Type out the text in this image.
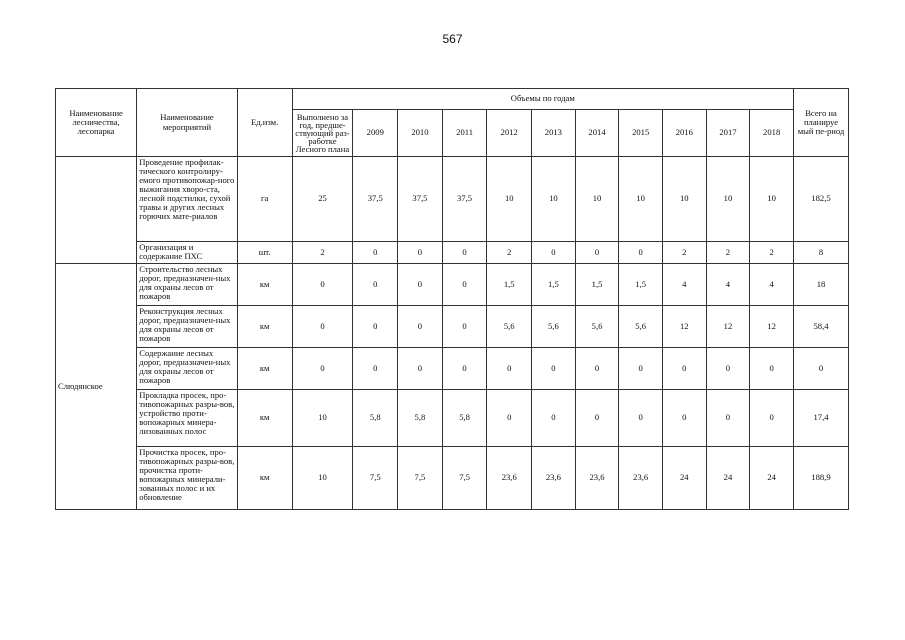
567
Наименование лесничества, лесопарка	Наименование мероприятий	Ед.изм.	Объемы по годам											Всего на планируе мый пе-риод
			Выполнено за год, предше-ствующий раз-работке Лесного плана	2009	2010	2011	2012	2013	2014	2015	2016	2017	2018	
	Проведение профилак-тического контролиру-емого противопожар-ного выжигания хворо-ста, лесной подстилки, сухой травы и других лесных горючих мате-риалов	га	25	37,5	37,5	37,5	10	10	10	10	10	10	10	182,5
	Организация и содержание ПХС	шт.	2	0	0	0	2	0	0	0	2	2	2	8
Слюдянское	Строительство лесных дорог, предназначен-ных для охраны лесов от пожаров	км	0	0	0	0	1,5	1,5	1,5	1,5	4	4	4	18
	Реконструкция лесных дорог, предназначен-ных для охраны лесов от пожаров	км	0	0	0	0	5,6	5,6	5,6	5,6	12	12	12	58,4
	Содержание лесных дорог, предназначен-ных для охраны лесов от пожаров	км	0	0	0	0	0	0	0	0	0	0	0	0
	Прокладка просек, про-тивопожарных разры-вов, устройство проти-вопожарных минера-лизованных полос	км	10	5,8	5,8	5,8	0	0	0	0	0	0	0	17,4
	Прочистка просек, про-тивопожарных разры-вов, прочистка проти-вопожарных минерали-зованных полос и их обновление	км	10	7,5	7,5	7,5	23,6	23,6	23,6	23,6	24	24	24	188,9
